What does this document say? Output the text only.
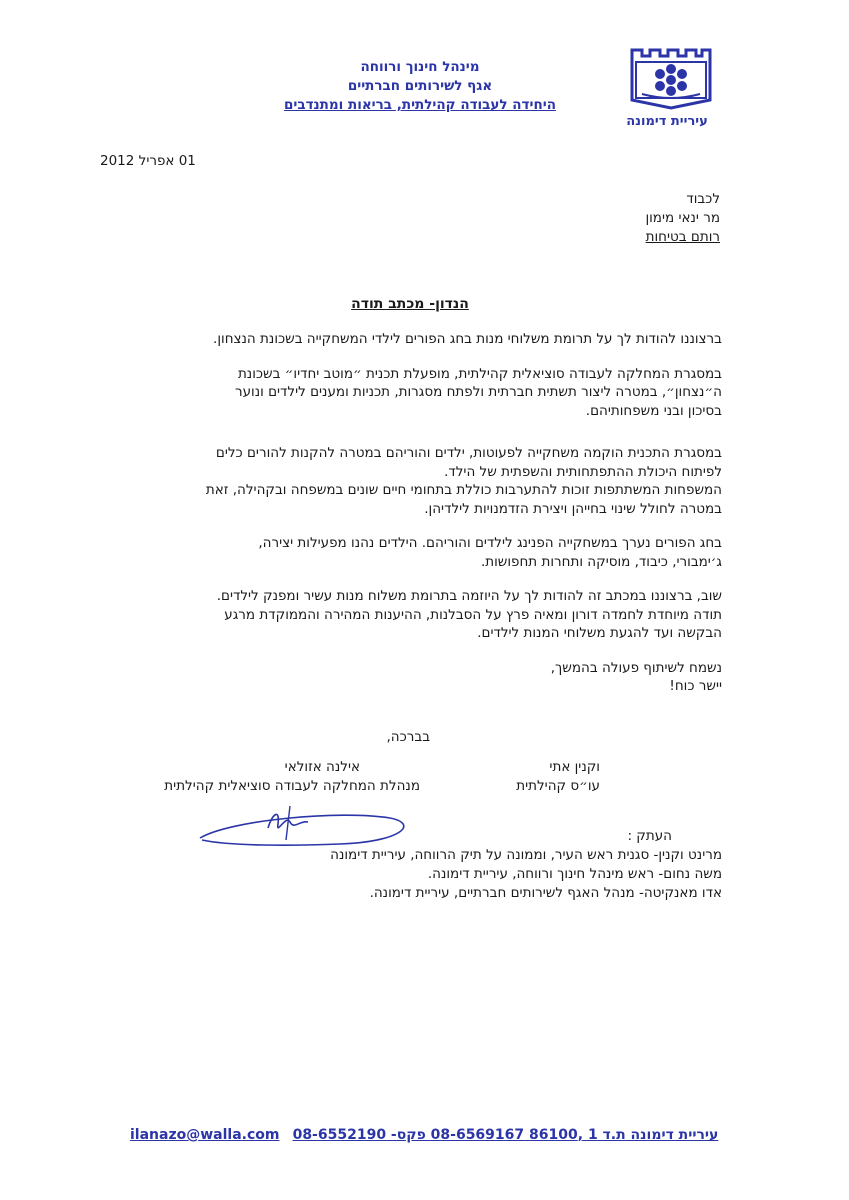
עיריית דימונה
מינהל חינוך ורווחה
אגף לשירותים חברתיים
היחידה לעבודה קהילתית, בריאות ומתנדבים
01 אפריל 2012
לכבוד
מר ינאי מימון
רותם בטיחות
הנדון- מכתב תודה

ברצוננו להודות לך על תרומת משלוחי מנות בחג הפורים לילדי המשחקייה בשכונת הנצחון.

במסגרת המחלקה לעבודה סוציאלית קהילתית, מופעלת תכנית ״מוטב יחדיו״ בשכונת
ה״נצחון״, במטרה ליצור תשתית חברתית ולפתח מסגרות, תכניות ומענים לילדים ונוער
בסיכון ובני משפחותיהם.

במסגרת התכנית הוקמה משחקייה לפעוטות, ילדים והוריהם במטרה להקנות להורים כלים
לפיתוח היכולת ההתפתחותית והשפתית של הילד.
המשפחות המשתתפות זוכות להתערבות כוללת בתחומי חיים שונים במשפחה ובקהילה, זאת
במטרה לחולל שינוי בחייהן ויצירת הזדמנויות לילדיהן.

בחג הפורים נערך במשחקייה הפנינג לילדים והוריהם. הילדים נהנו מפעילות יצירה,
ג׳ימבורי, כיבוד, מוסיקה ותחרות תחפושות.

שוב, ברצוננו במכתב זה להודות לך על היוזמה בתרומת משלוח מנות עשיר ומפנק לילדים.
תודה מיוחדת לחמדה דורון ומאיה פרץ על הסבלנות, ההיענות המהירה והממוקדת מרגע
הבקשה ועד להגעת משלוחי המנות לילדים.

נשמח לשיתוף פעולה בהמשך,
יישר כוח!

בברכה,
אילנה אזולאי
מנהלת המחלקה לעבודה סוציאלית קהילתית
וקנין אתי
עו״ס קהילתית
העתק :
מרינט וקנין- סגנית ראש העיר, וממונה על תיק הרווחה, עיריית דימונה
משה נחום- ראש מינהל חינוך ורווחה, עיריית דימונה.
אדו מאנקיטה- מנהל האגף לשירותים חברתיים, עיריית דימונה.
ilanazo@walla.com עיריית דימונה ת.ד 1 ,86100 08-6569167 פקס- 08-6552190
